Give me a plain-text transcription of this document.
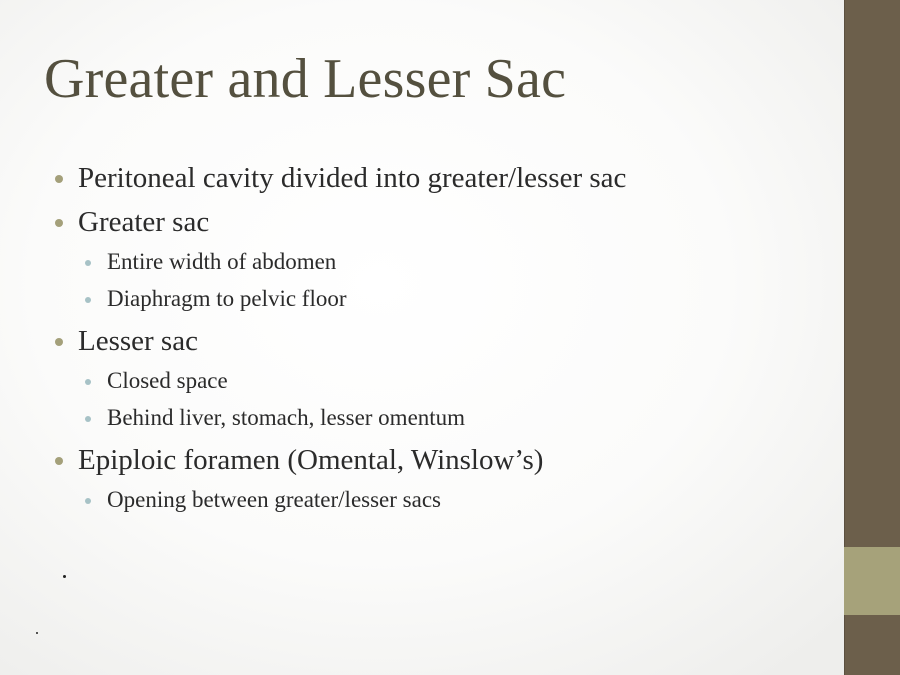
Greater and Lesser Sac
Peritoneal cavity divided into greater/lesser sac
Greater sac
Entire width of abdomen
Diaphragm to pelvic floor
Lesser sac
Closed space
Behind liver, stomach, lesser omentum
Epiploic foramen (Omental, Winslow’s)
Opening between greater/lesser sacs
